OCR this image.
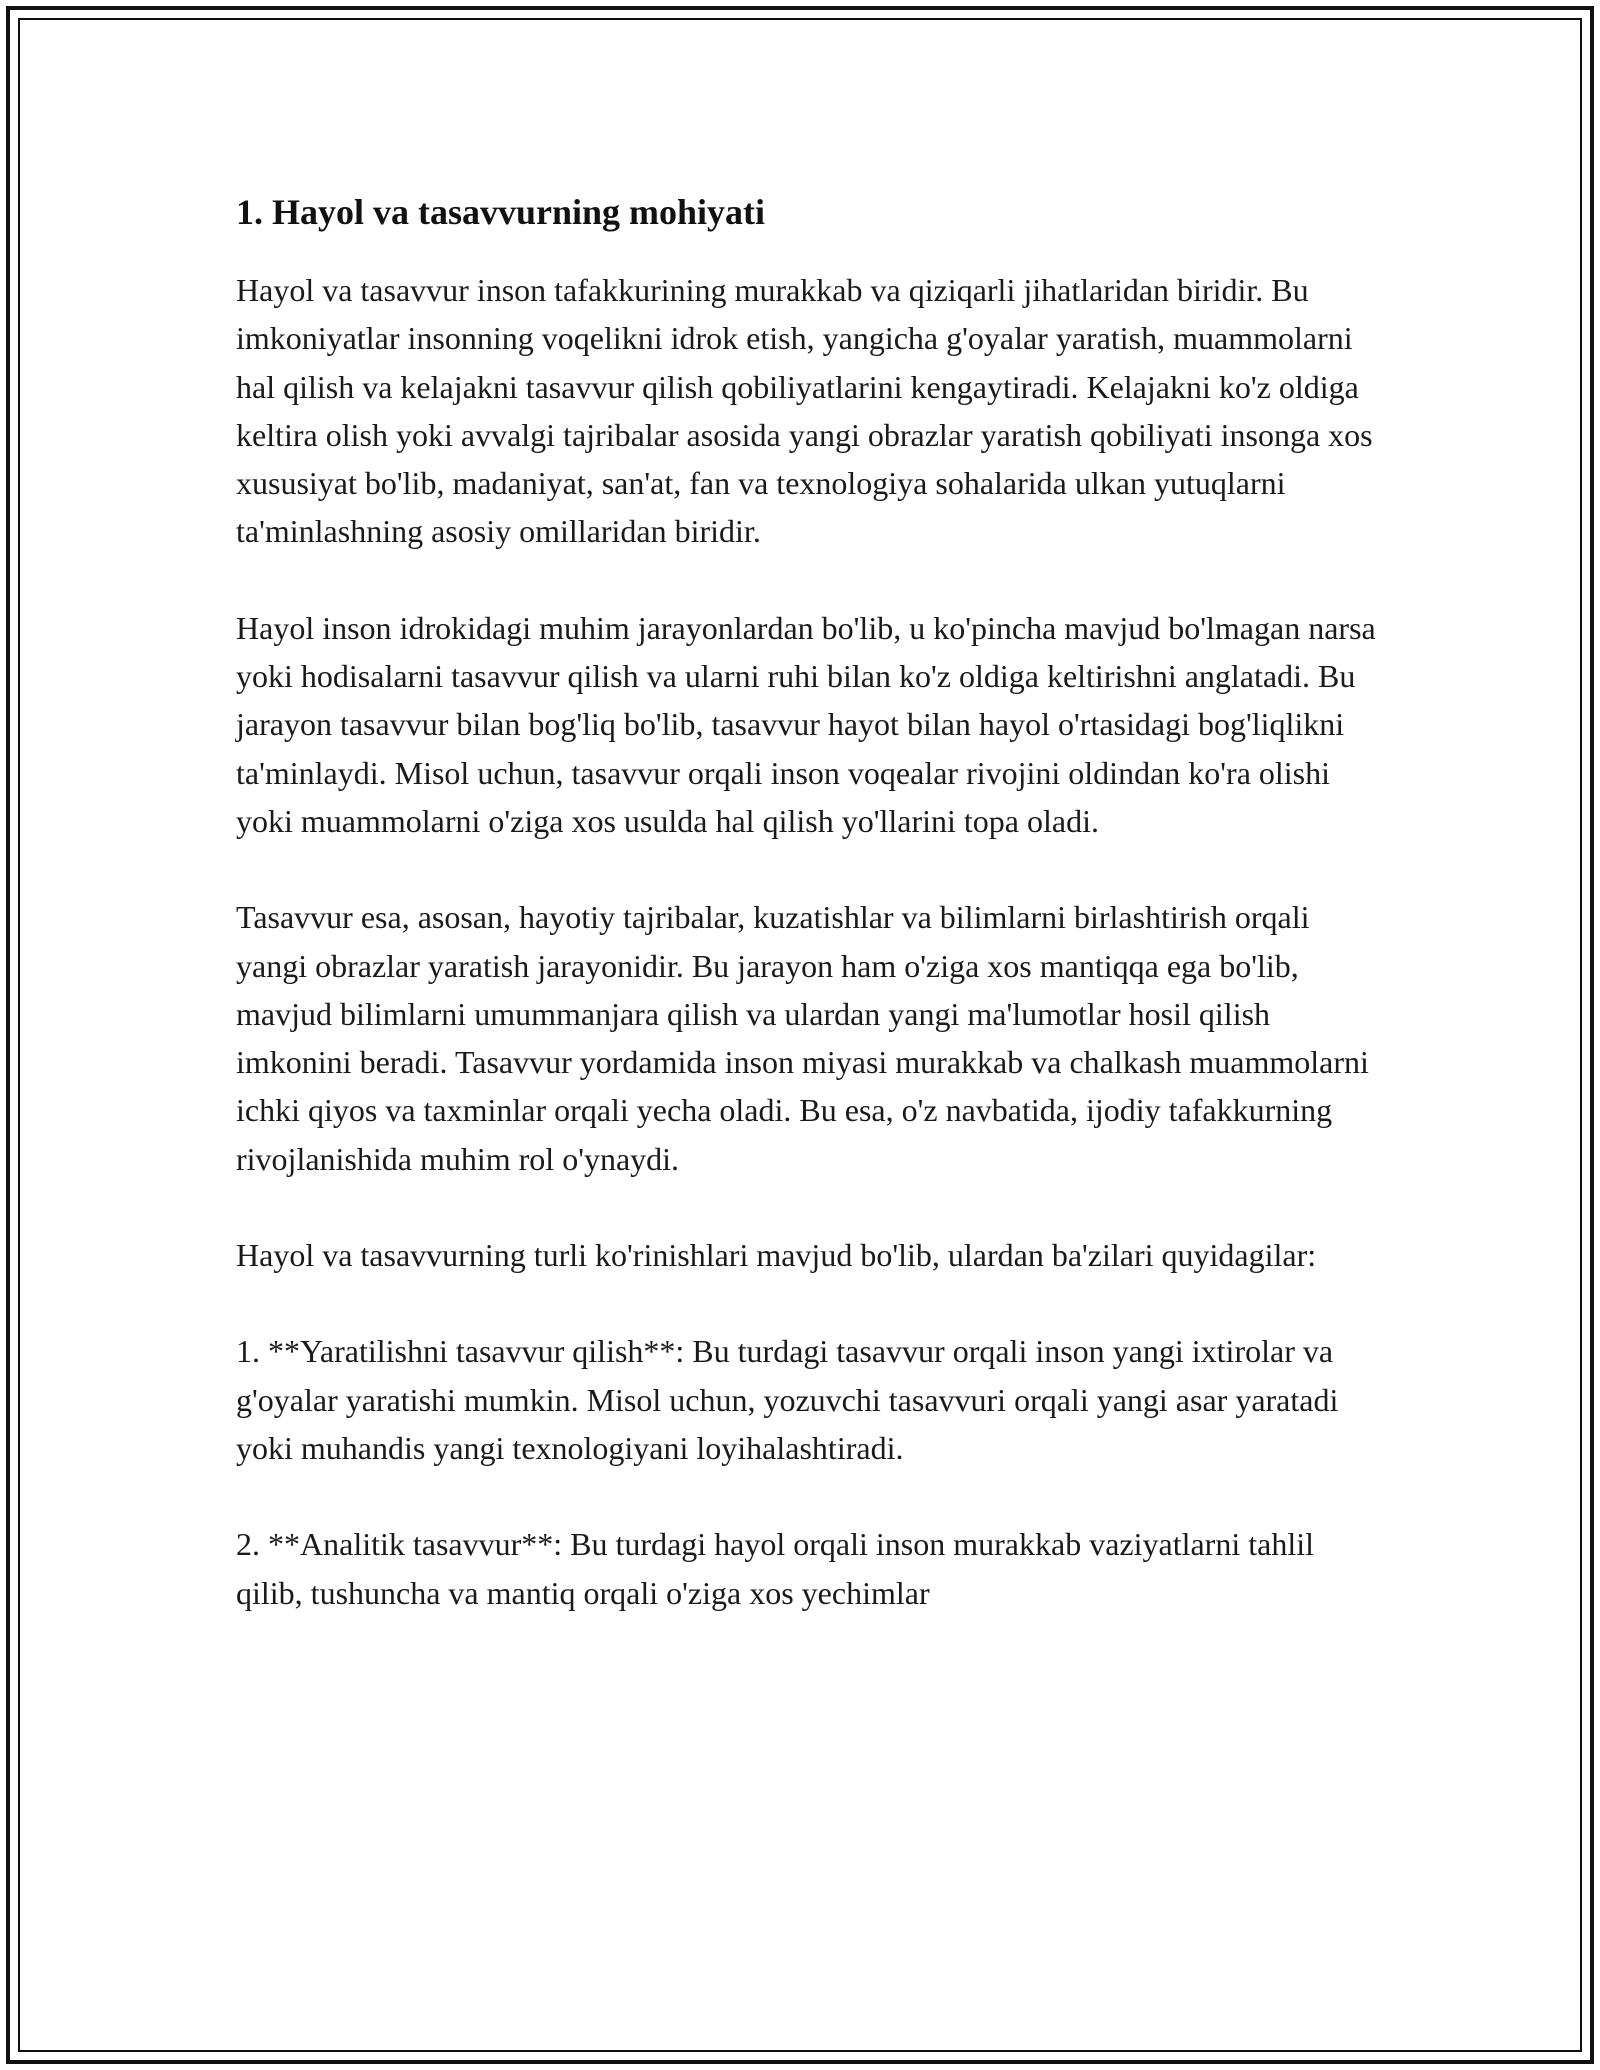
1. Hayol va tasavvurning mohiyati

Hayol va tasavvur inson tafakkurining murakkab va qiziqarli jihatlaridan biridir. Bu imkoniyatlar insonning voqelikni idrok etish, yangicha g'oyalar yaratish, muammolarni hal qilish va kelajakni tasavvur qilish qobiliyatlarini kengaytiradi. Kelajakni ko'z oldiga keltira olish yoki avvalgi tajribalar asosida yangi obrazlar yaratish qobiliyati insonga xos xususiyat bo'lib, madaniyat, san'at, fan va texnologiya sohalarida ulkan yutuqlarni ta'minlashning asosiy omillaridan biridir.

Hayol inson idrokidagi muhim jarayonlardan bo'lib, u ko'pincha mavjud bo'lmagan narsa yoki hodisalarni tasavvur qilish va ularni ruhi bilan ko'z oldiga keltirishni anglatadi. Bu jarayon tasavvur bilan bog'liq bo'lib, tasavvur hayot bilan hayol o'rtasidagi bog'liqlikni ta'minlaydi. Misol uchun, tasavvur orqali inson voqealar rivojini oldindan ko'ra olishi yoki muammolarni o'ziga xos usulda hal qilish yo'llarini topa oladi.

Tasavvur esa, asosan, hayotiy tajribalar, kuzatishlar va bilimlarni birlashtirish orqali yangi obrazlar yaratish jarayonidir. Bu jarayon ham o'ziga xos mantiqqa ega bo'lib, mavjud bilimlarni umummanjara qilish va ulardan yangi ma'lumotlar hosil qilish imkonini beradi. Tasavvur yordamida inson miyasi murakkab va chalkash muammolarni ichki qiyos va taxminlar orqali yecha oladi. Bu esa, o'z navbatida, ijodiy tafakkurning rivojlanishida muhim rol o'ynaydi.

Hayol va tasavvurning turli ko'rinishlari mavjud bo'lib, ulardan ba'zilari quyidagilar:

1. **Yaratilishni tasavvur qilish**: Bu turdagi tasavvur orqali inson yangi ixtirolar va g'oyalar yaratishi mumkin. Misol uchun, yozuvchi tasavvuri orqali yangi asar yaratadi yoki muhandis yangi texnologiyani loyihalashtiradi.

2. **Analitik tasavvur**: Bu turdagi hayol orqali inson murakkab vaziyatlarni tahlil qilib, tushuncha va mantiq orqali o'ziga xos yechimlar
